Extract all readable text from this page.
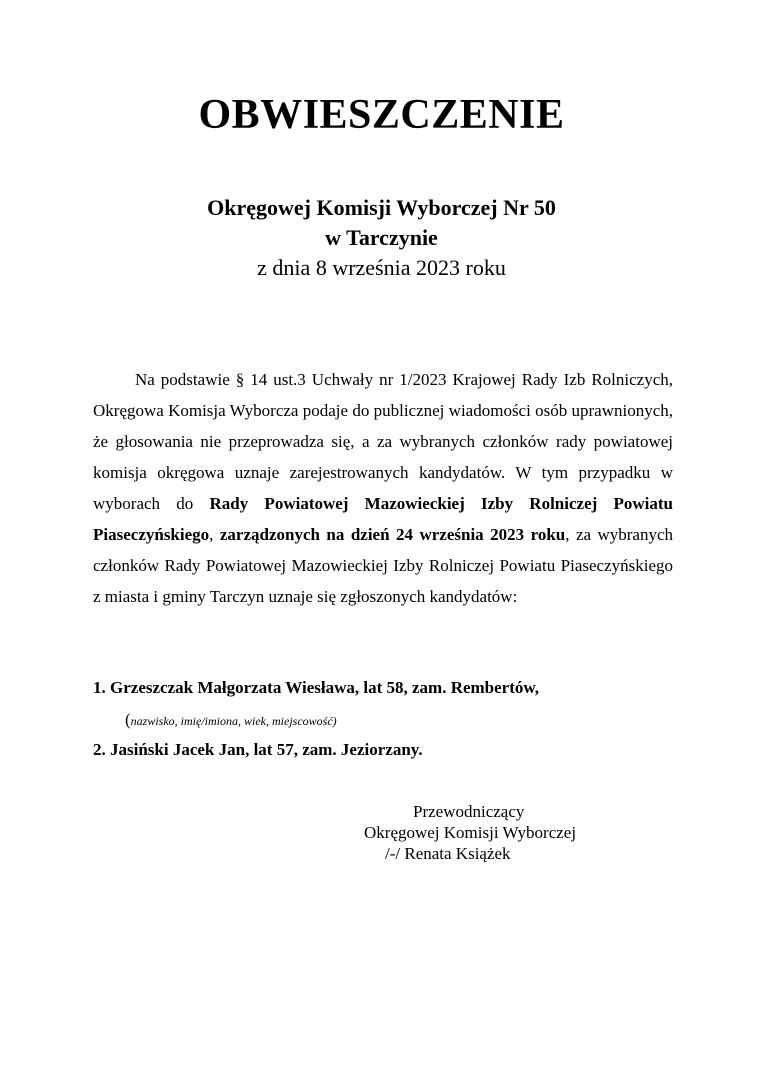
OBWIESZCZENIE
Okręgowej Komisji Wyborczej Nr 50
w Tarczynie
z dnia 8 września 2023 roku
Na podstawie § 14 ust.3 Uchwały nr 1/2023 Krajowej Rady Izb Rolniczych, Okręgowa Komisja Wyborcza podaje do publicznej wiadomości osób uprawnionych, że głosowania nie przeprowadza się, a za wybranych członków rady powiatowej komisja okręgowa uznaje zarejestrowanych kandydatów. W tym przypadku w wyborach do Rady Powiatowej Mazowieckiej Izby Rolniczej Powiatu Piaseczyńskiego, zarządzonych na dzień 24 września 2023 roku, za wybranych członków Rady Powiatowej Mazowieckiej Izby Rolniczej Powiatu Piaseczyńskiego z miasta i gminy Tarczyn uznaje się zgłoszonych kandydatów:
1. Grzeszczak Małgorzata Wiesława, lat 58, zam. Rembertów,
(nazwisko, imię/imiona, wiek, miejscowość)
2. Jasiński Jacek Jan, lat 57, zam. Jeziorzany.
Przewodniczący
Okręgowej Komisji Wyborczej
/-/ Renata Książek
